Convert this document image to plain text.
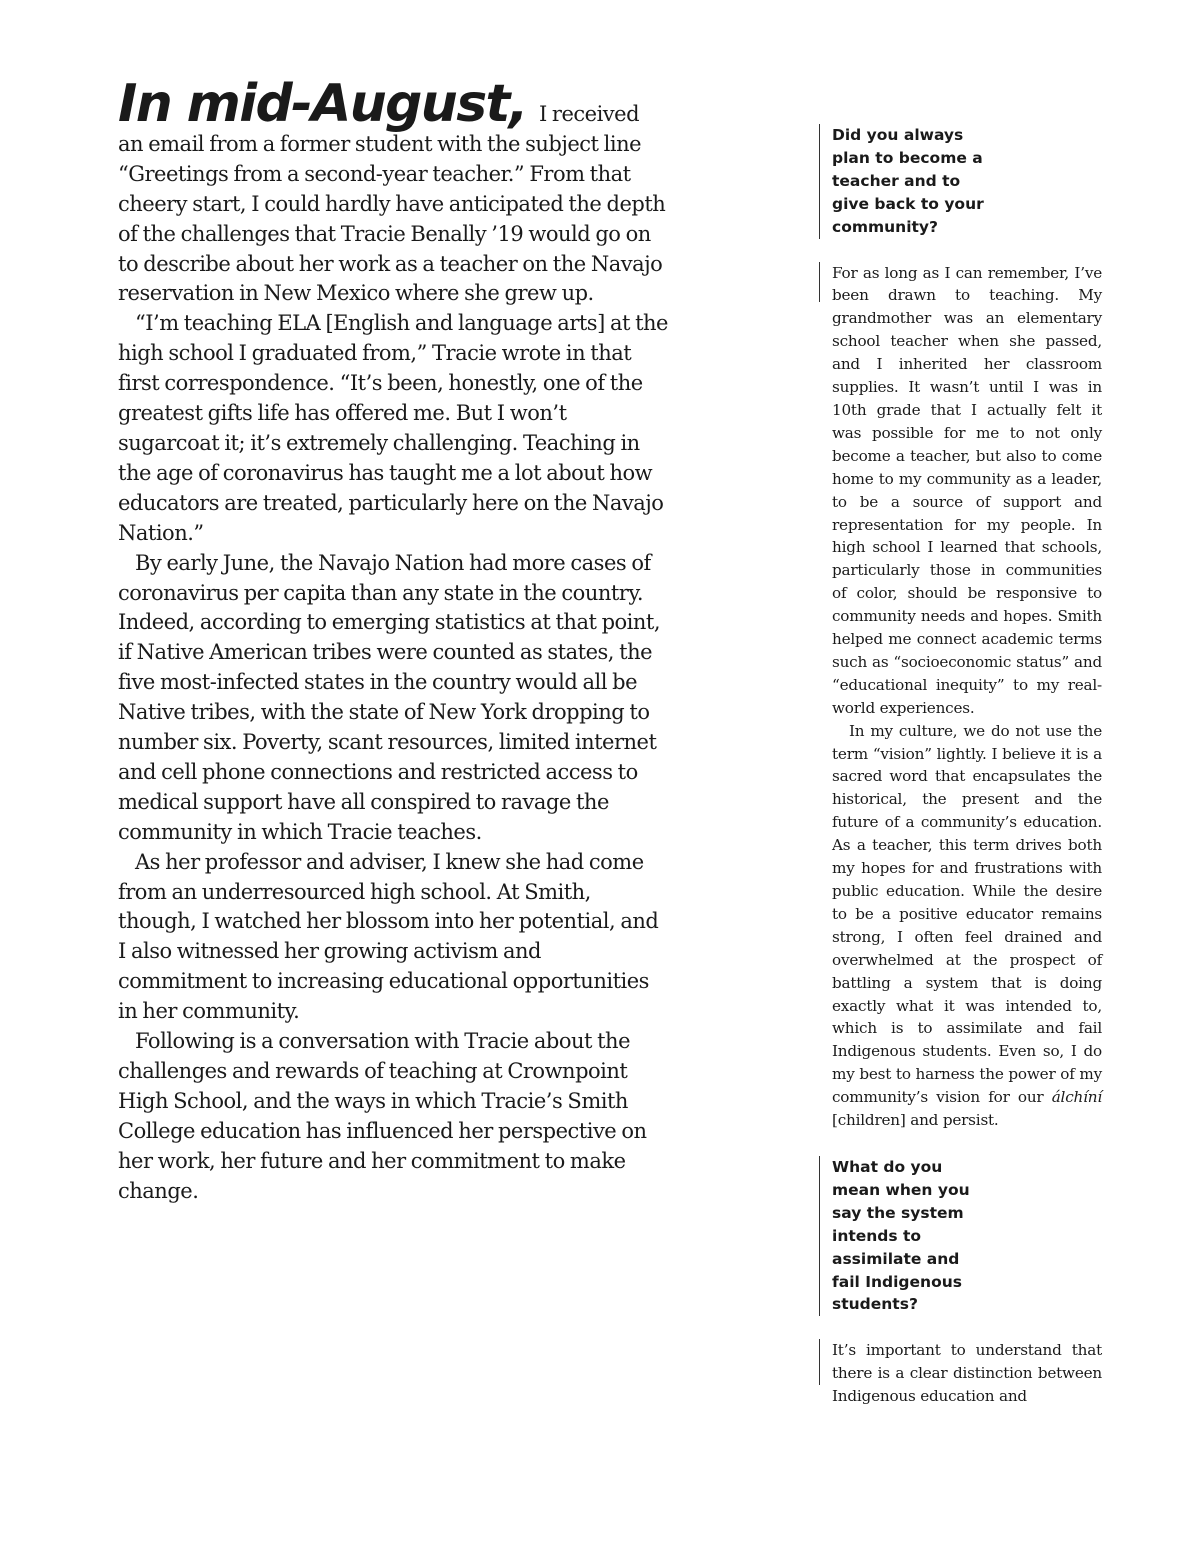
In mid-August, I received an email from a former student with the subject line “Greetings from a second-year teacher.” From that cheery start, I could hardly have anticipated the depth of the challenges that Tracie Benally ’19 would go on to describe about her work as a teacher on the Navajo reservation in New Mexico where she grew up.

“I’m teaching ELA [English and language arts] at the high school I graduated from,” Tracie wrote in that first correspondence. “It’s been, honestly, one of the greatest gifts life has offered me. But I won’t sugarcoat it; it’s extremely challenging. Teaching in the age of coronavirus has taught me a lot about how educators are treated, particularly here on the Navajo Nation.”

By early June, the Navajo Nation had more cases of coronavirus per capita than any state in the country. Indeed, according to emerging statistics at that point, if Native American tribes were counted as states, the five most-infected states in the country would all be Native tribes, with the state of New York dropping to number six. Poverty, scant resources, limited internet and cell phone connections and restricted access to medical support have all conspired to ravage the community in which Tracie teaches.

As her professor and adviser, I knew she had come from an underresourced high school. At Smith, though, I watched her blossom into her potential, and I also witnessed her growing activism and commitment to increasing educational opportunities in her community.

Following is a conversation with Tracie about the challenges and rewards of teaching at Crownpoint High School, and the ways in which Tracie’s Smith College education has influenced her perspective on her work, her future and her commitment to make change.

Did you always plan to become a teacher and to give back to your community?

For as long as I can remember, I’ve been drawn to teaching. My grandmother was an elementary school teacher when she passed, and I inherited her classroom supplies. It wasn’t until I was in 10th grade that I actually felt it was possible for me to not only become a teacher, but also to come home to my community as a leader, to be a source of support and representation for my people. In high school I learned that schools, particularly those in communities of color, should be responsive to community needs and hopes. Smith helped me connect academic terms such as “socioeconomic status” and “educational inequity” to my real-world experiences.

In my culture, we do not use the term “vision” lightly. I believe it is a sacred word that encapsulates the historical, the present and the future of a community’s education. As a teacher, this term drives both my hopes for and frustrations with public education. While the desire to be a positive educator remains strong, I often feel drained and overwhelmed at the prospect of battling a system that is doing exactly what it was intended to, which is to assimilate and fail Indigenous students. Even so, I do my best to harness the power of my community’s vision for our álchíní [children] and persist.

What do you mean when you say the system intends to assimilate and fail Indigenous students?

It’s important to understand that there is a clear distinction between Indigenous education and
